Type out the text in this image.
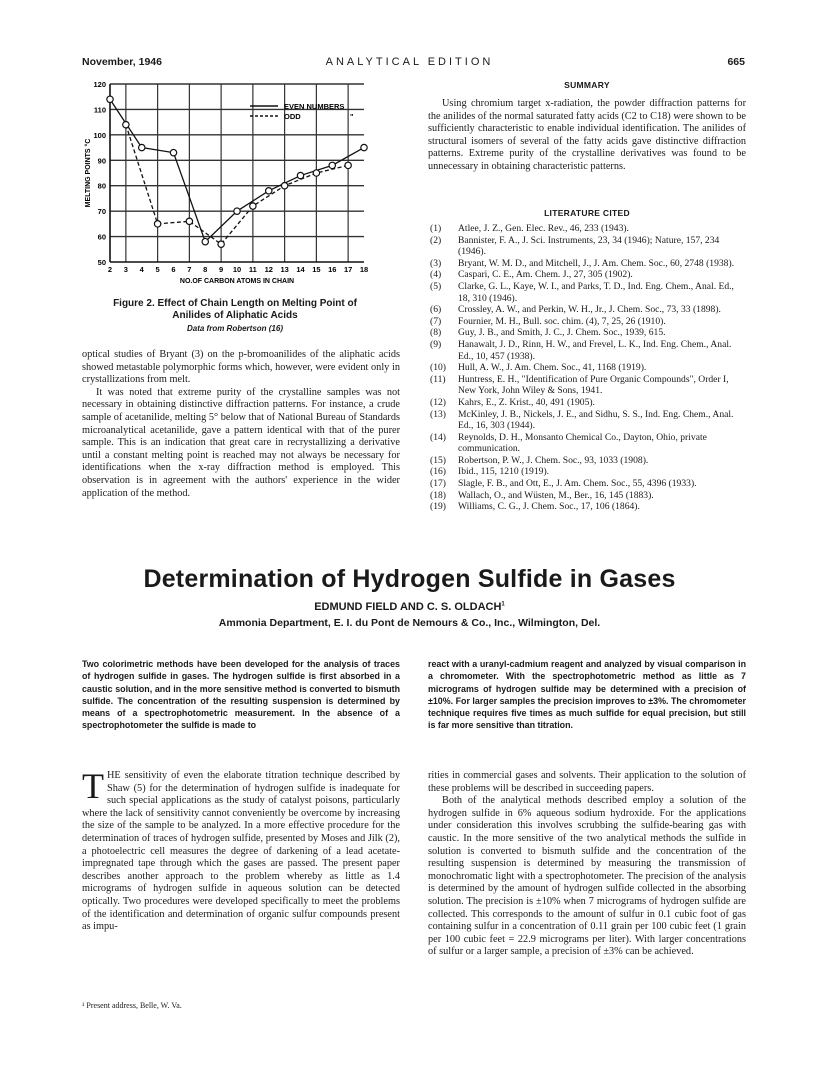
November, 1946	ANALYTICAL EDITION	665
50
60
70
80
90
100
110
120
2 3 4 5 6 7 8 9 10 11 12 13 14 15 16 17 18
NO.OF CARBON ATOMS IN CHAIN
MELTING POINTS °C
EVEN NUMBERS
ODD	"
Figure 2. Effect of Chain Length on Melting Point of
Anilides of Aliphatic Acids
Data from Robertson (16)
optical studies of Bryant (3) on the p-bromoanilides of the aliphatic acids showed metastable polymorphic forms which, however, were evident only in crystallizations from melt.
It was noted that extreme purity of the crystalline samples was not necessary in obtaining distinctive diffraction patterns. For instance, a crude sample of acetanilide, melting 5° below that of National Bureau of Standards microanalytical acetanilide, gave a pattern identical with that of the purer sample. This is an indication that great care in recrystallizing a derivative until a constant melting point is reached may not always be necessary for identifications when the x-ray diffraction method is employed. This observation is in agreement with the authors' experience in the wider application of the method.
SUMMARY
Using chromium target x-radiation, the powder diffraction patterns for the anilides of the normal saturated fatty acids (C2 to C18) were shown to be sufficiently characteristic to enable individual identification. The anilides of structural isomers of several of the fatty acids gave distinctive diffraction patterns. Extreme purity of the crystalline derivatives was found to be unnecessary in obtaining characteristic patterns.
LITERATURE CITED
(1) Atlee, J. Z., Gen. Elec. Rev., 46, 233 (1943).
(2) Bannister, F. A., J. Sci. Instruments, 23, 34 (1946); Nature, 157, 234 (1946).
(3) Bryant, W. M. D., and Mitchell, J., J. Am. Chem. Soc., 60, 2748 (1938).
(4) Caspari, C. E., Am. Chem. J., 27, 305 (1902).
(5) Clarke, G. L., Kaye, W. I., and Parks, T. D., Ind. Eng. Chem., Anal. Ed., 18, 310 (1946).
(6) Crossley, A. W., and Perkin, W. H., Jr., J. Chem. Soc., 73, 33 (1898).
(7) Fournier, M. H., Bull. soc. chim. (4), 7, 25, 26 (1910).
(8) Guy, J. B., and Smith, J. C., J. Chem. Soc., 1939, 615.
(9) Hanawalt, J. D., Rinn, H. W., and Frevel, L. K., Ind. Eng. Chem., Anal. Ed., 10, 457 (1938).
(10) Hull, A. W., J. Am. Chem. Soc., 41, 1168 (1919).
(11) Huntress, E. H., "Identification of Pure Organic Compounds", Order I, New York, John Wiley & Sons, 1941.
(12) Kahrs, E., Z. Krist., 40, 491 (1905).
(13) McKinley, J. B., Nickels, J. E., and Sidhu, S. S., Ind. Eng. Chem., Anal. Ed., 16, 303 (1944).
(14) Reynolds, D. H., Monsanto Chemical Co., Dayton, Ohio, private communication.
(15) Robertson, P. W., J. Chem. Soc., 93, 1033 (1908).
(16) Ibid., 115, 1210 (1919).
(17) Slagle, F. B., and Ott, E., J. Am. Chem. Soc., 55, 4396 (1933).
(18) Wallach, O., and Wüsten, M., Ber., 16, 145 (1883).
(19) Williams, C. G., J. Chem. Soc., 17, 106 (1864).
Determination of Hydrogen Sulfide in Gases
EDMUND FIELD AND C. S. OLDACH$^1$
Ammonia Department, E. I. du Pont de Nemours & Co., Inc., Wilmington, Del.
Two colorimetric methods have been developed for the analysis of traces of hydrogen sulfide in gases. The hydrogen sulfide is first absorbed in a caustic solution, and in the more sensitive method is converted to bismuth sulfide. The concentration of the resulting suspension is determined by means of a spectrophotometric measurement. In the absence of a spectrophotometer the sulfide is made to
react with a uranyl-cadmium reagent and analyzed by visual comparison in a chromometer. With the spectrophotometric method as little as 7 micrograms of hydrogen sulfide may be determined with a precision of ±10%. For larger samples the precision improves to ±3%. The chromometer technique requires five times as much sulfide for equal precision, but still is far more sensitive than titration.
THE sensitivity of even the elaborate titration technique described by Shaw (5) for the determination of hydrogen sulfide is inadequate for such special applications as the study of catalyst poisons, particularly where the lack of sensitivity cannot conveniently be overcome by increasing the size of the sample to be analyzed. In a more effective procedure for the determination of traces of hydrogen sulfide, presented by Moses and Jilk (2), a photoelectric cell measures the degree of darkening of a lead acetate-impregnated tape through which the gases are passed. The present paper describes another approach to the problem whereby as little as 1.4 micrograms of hydrogen sulfide in aqueous solution can be detected optically. Two procedures were developed specifically to meet the problems of the identification and determination of organic sulfur compounds present as impu-
¹ Present address, Belle, W. Va.
rities in commercial gases and solvents. Their application to the solution of these problems will be described in succeeding papers.
Both of the analytical methods described employ a solution of the hydrogen sulfide in 6% aqueous sodium hydroxide. For the applications under consideration this involves scrubbing the sulfide-bearing gas with caustic. In the more sensitive of the two analytical methods the sulfide in solution is converted to bismuth sulfide and the concentration of the resulting suspension is determined by measuring the transmission of monochromatic light with a spectrophotometer. The precision of the analysis is determined by the amount of hydrogen sulfide collected in the absorbing solution. The precision is ±10% when 7 micrograms of hydrogen sulfide are collected. This corresponds to the amount of sulfur in 0.1 cubic foot of gas containing sulfur in a concentration of 0.11 grain per 100 cubic feet (1 grain per 100 cubic feet = 22.9 micrograms per liter). With larger concentrations of sulfur or a larger sample, a precision of ±3% can be achieved.
